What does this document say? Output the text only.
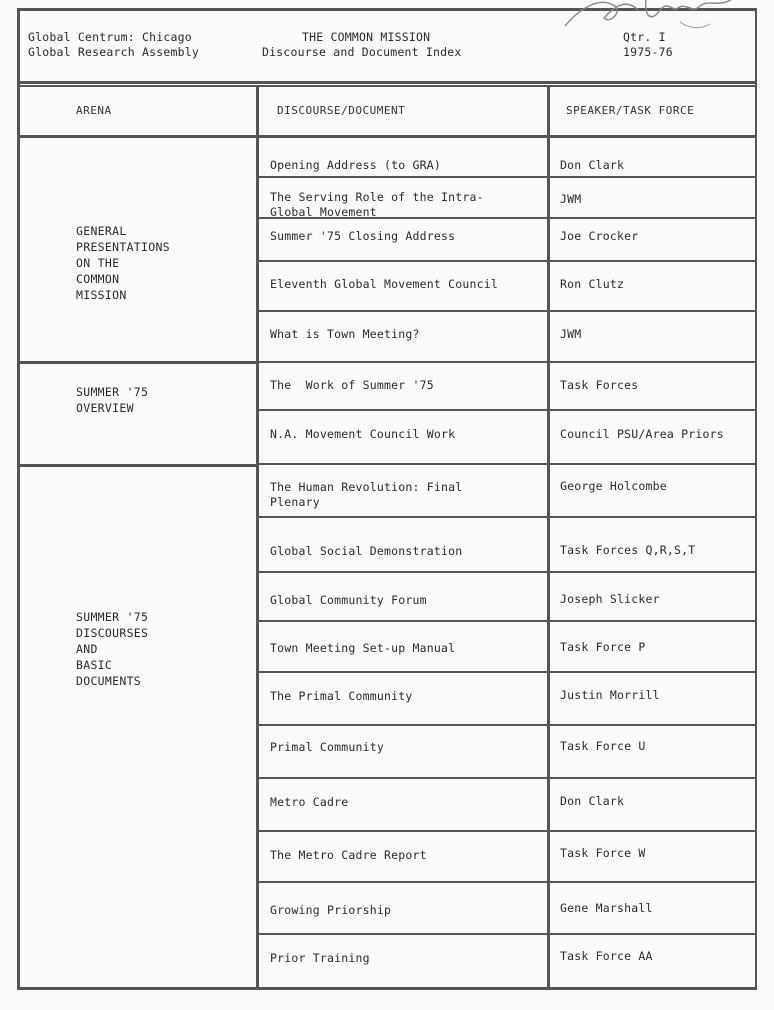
Global Centrum: Chicago
Global Research Assembly
THE COMMON MISSION
Discourse and Document Index
Qtr. I
1975-76
ARENA	DISCOURSE/DOCUMENT	SPEAKER/TASK FORCE
GENERAL
PRESENTATIONS
ON THE
COMMON
MISSION
SUMMER '75
OVERVIEW
SUMMER '75
DISCOURSES
AND
BASIC
DOCUMENTS
Opening Address (to GRA)
The Serving Role of the Intra-
Global Movement
Summer '75 Closing Address
Eleventh Global Movement Council
What is Town Meeting?
The  Work of Summer '75
N.A. Movement Council Work
The Human Revolution: Final
Plenary
Global Social Demonstration
Global Community Forum
Town Meeting Set-up Manual
The Primal Community
Primal Community
Metro Cadre
The Metro Cadre Report
Growing Priorship
Prior Training
Don Clark
JWM
Joe Crocker
Ron Clutz
JWM
Task Forces
Council PSU/Area Priors
George Holcombe
Task Forces Q,R,S,T
Joseph Slicker
Task Force P
Justin Morrill
Task Force U
Don Clark
Task Force W
Gene Marshall
Task Force AA
